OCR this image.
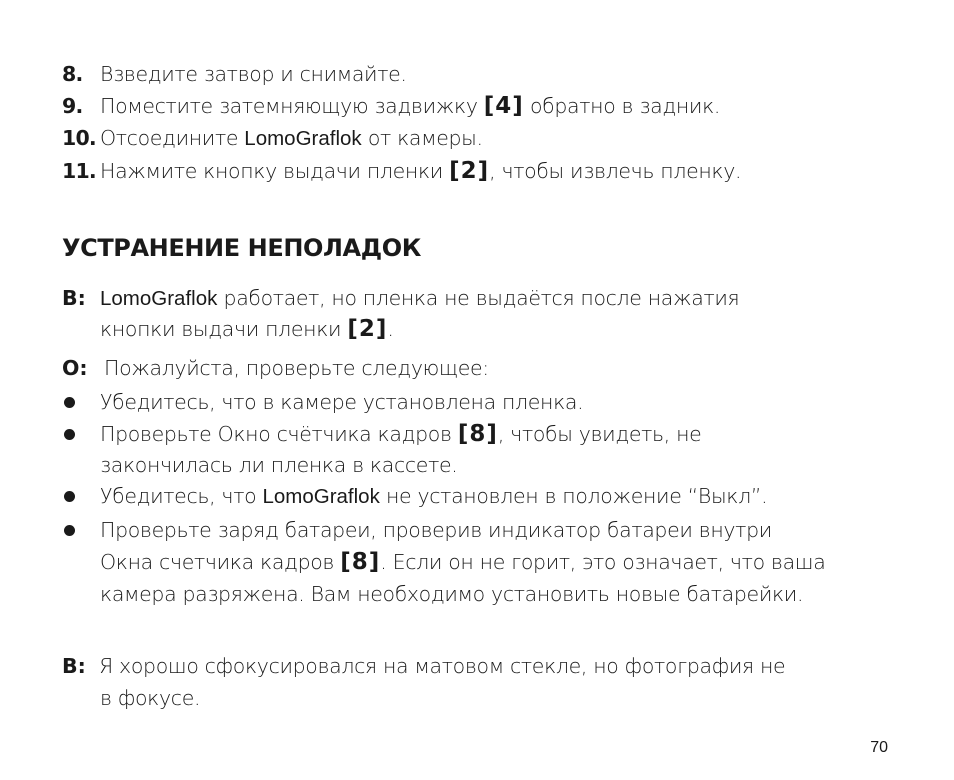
8. Взведите затвор и снимайте.
9. Поместите затемняющую задвижку [4] обратно в задник.
10. Отсоедините LomoGraflok от камеры.
11. Нажмите кнопку выдачи пленки [2], чтобы извлечь пленку.
УСТРАНЕНИЕ НЕПОЛАДОК
В: LomoGraflok работает, но пленка не выдаётся после нажатия
кнопки выдачи пленки [2].
О: Пожалуйста, проверьте следующее:
Убедитесь, что в камере установлена пленка.
Проверьте Окно счётчика кадров [8], чтобы увидеть, не
закончилась ли пленка в кассете.
Убедитесь, что LomoGraflok не установлен в положение “Выкл”.
Проверьте заряд батареи, проверив индикатор батареи внутри
Окна счетчика кадров [8]. Если он не горит, это означает, что ваша
камера разряжена. Вам необходимо установить новые батарейки.
В: Я хорошо сфокусировался на матовом стекле, но фотография не
в фокусе.
70
